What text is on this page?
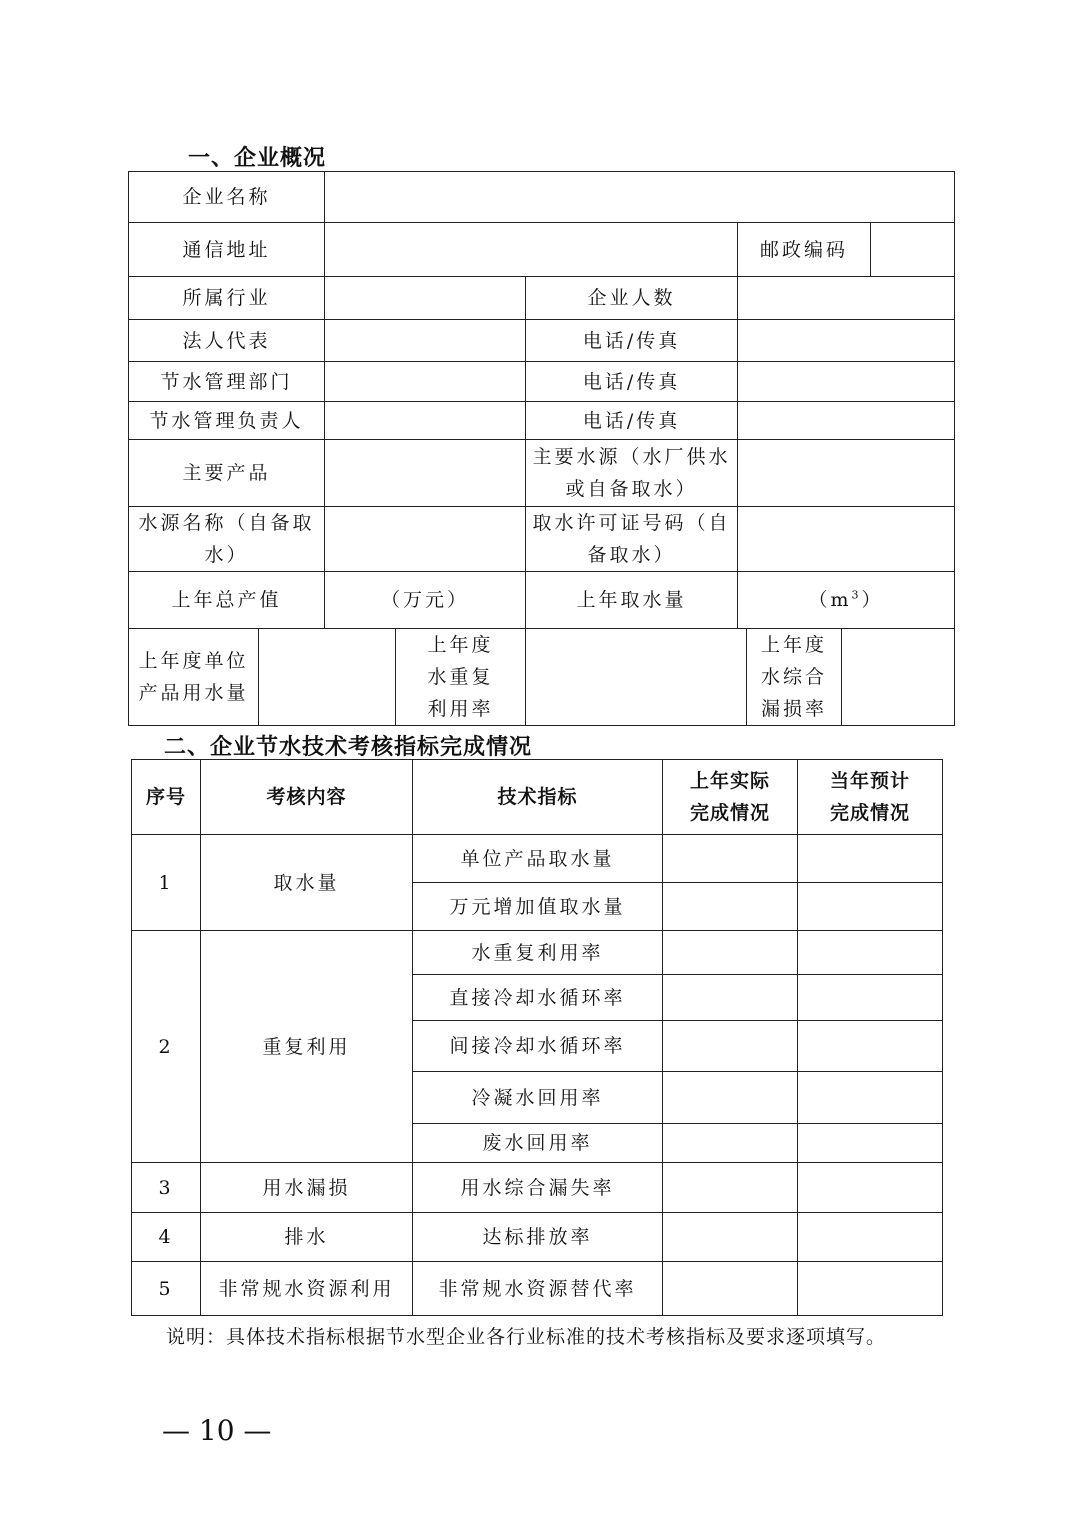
一、企业概况
企业名称								
通信地址					邮政编码			
所属行业				企业人数				
法人代表				电话/传真				
节水管理部门				电话/传真				
节水管理负责人				电话/传真				
主要产品				主要水源（水厂供水或自备取水）				
水源名称（自备取水）				取水许可证号码（自备取水）				
上年总产值		（万元）		上年取水量	$(m^3)$			
上年度单位产品用水量			上年度水重复利用率			上年度水综合漏损率		
二、企业节水技术考核指标完成情况
序号	考核内容	技术指标	上年实际完成情况	当年预计完成情况
1	取水量	单位产品取水量		
		万元增加值取水量		
2	重复利用	水重复利用率		
		直接冷却水循环率		
		间接冷却水循环率		
		冷凝水回用率		
		废水回用率		
3	用水漏损	用水综合漏失率		
4	排水	达标排放率		
5	非常规水资源利用	非常规水资源替代率		
说明：具体技术指标根据节水型企业各行业标准的技术考核指标及要求逐项填写。
— 10 —
